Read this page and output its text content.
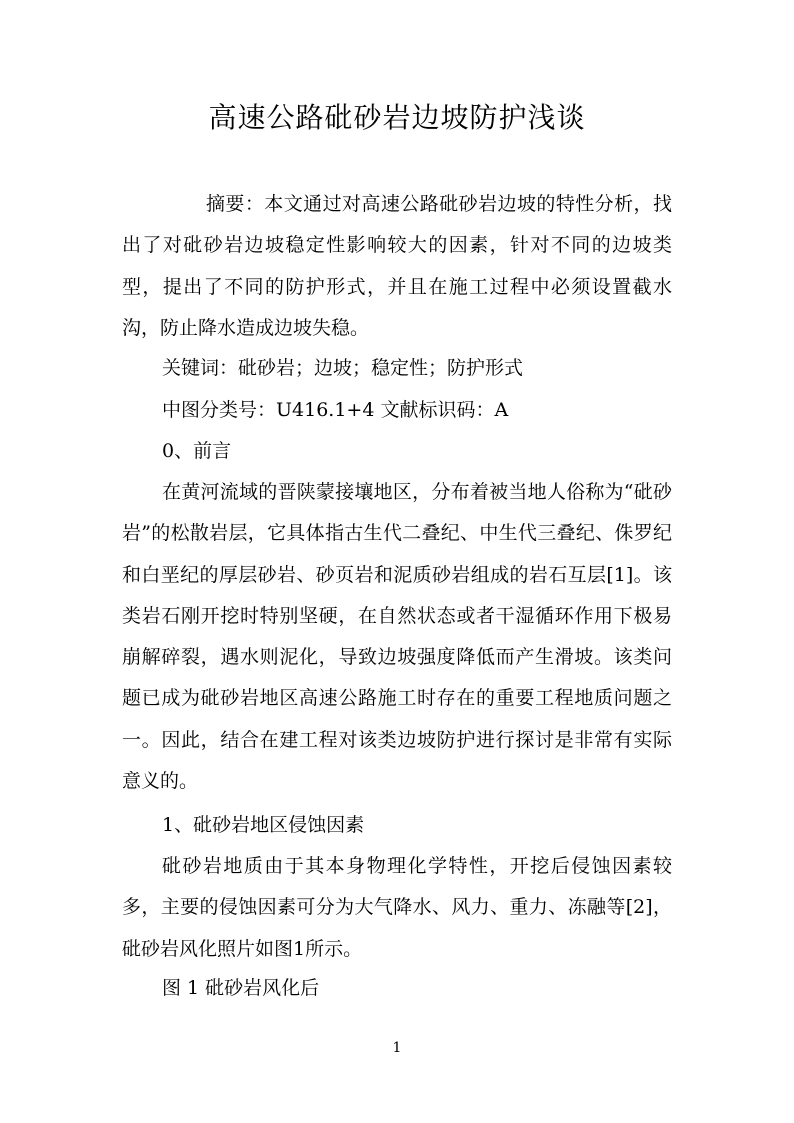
高速公路砒砂岩边坡防护浅谈
摘要：本文通过对高速公路砒砂岩边坡的特性分析，找出了对砒砂岩边坡稳定性影响较大的因素，针对不同的边坡类型，提出了不同的防护形式，并且在施工过程中必须设置截水沟，防止降水造成边坡失稳。
关键词：砒砂岩；边坡；稳定性；防护形式
中图分类号：U416.1+4 文献标识码：A
0、前言
在黄河流域的晋陕蒙接壤地区，分布着被当地人俗称为“砒砂岩”的松散岩层，它具体指古生代二叠纪、中生代三叠纪、侏罗纪和白垩纪的厚层砂岩、砂页岩和泥质砂岩组成的岩石互层[1]。该类岩石刚开挖时特别坚硬，在自然状态或者干湿循环作用下极易崩解碎裂，遇水则泥化，导致边坡强度降低而产生滑坡。该类问题已成为砒砂岩地区高速公路施工时存在的重要工程地质问题之一。因此，结合在建工程对该类边坡防护进行探讨是非常有实际意义的。
1、砒砂岩地区侵蚀因素
砒砂岩地质由于其本身物理化学特性，开挖后侵蚀因素较多，主要的侵蚀因素可分为大气降水、风力、重力、冻融等[2]，砒砂岩风化照片如图1所示。
图 1 砒砂岩风化后
1
